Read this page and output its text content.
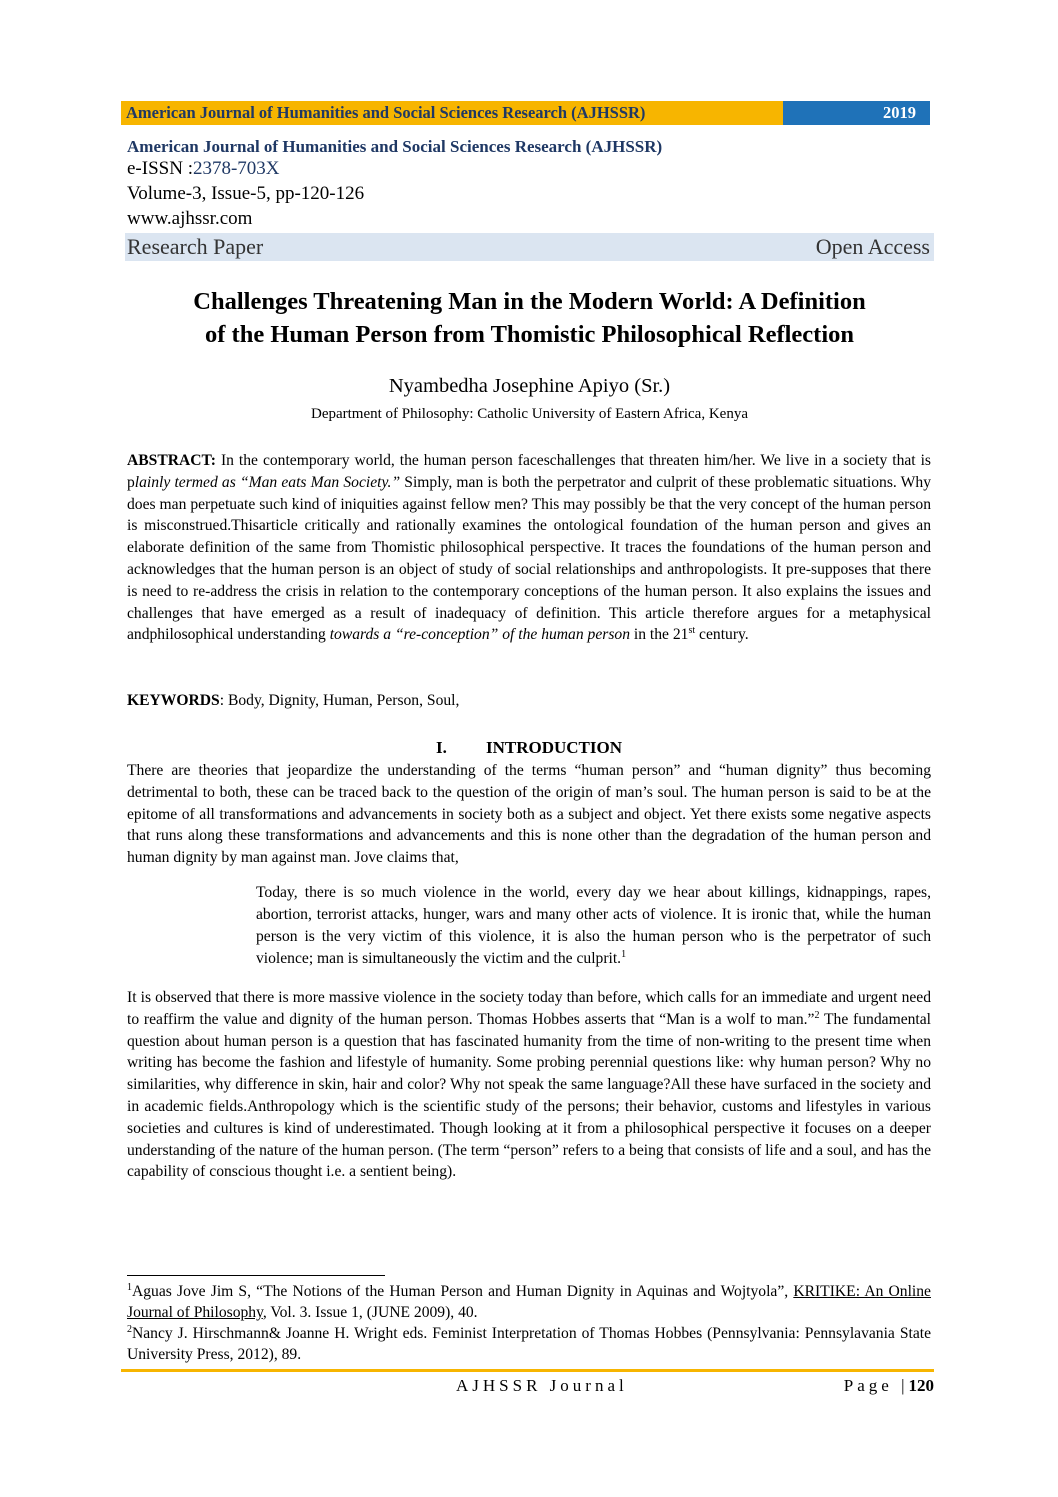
American Journal of Humanities and Social Sciences Research (AJHSSR)	2019
American Journal of Humanities and Social Sciences Research (AJHSSR)
e-ISSN :2378-703X
Volume-3, Issue-5, pp-120-126
www.ajhssr.com
Research Paper	Open Access
Challenges Threatening Man in the Modern World: A Definition
of the Human Person from Thomistic Philosophical Reflection
Nyambedha Josephine Apiyo (Sr.)
Department of Philosophy: Catholic University of Eastern Africa, Kenya
ABSTRACT: In the contemporary world, the human person faceschallenges that threaten him/her. We live in a society that is plainly termed as “Man eats Man Society.” Simply, man is both the perpetrator and culprit of these problematic situations. Why does man perpetuate such kind of iniquities against fellow men? This may possibly be that the very concept of the human person is misconstrued.Thisarticle critically and rationally examines the ontological foundation of the human person and gives an elaborate definition of the same from Thomistic philosophical perspective. It traces the foundations of the human person and acknowledges that the human person is an object of study of social relationships and anthropologists. It pre-supposes that there is need to re-address the crisis in relation to the contemporary conceptions of the human person. It also explains the issues and challenges that have emerged as a result of inadequacy of definition. This article therefore argues for a metaphysical andphilosophical understanding towards a “re-conception” of the human person in the 21st century.
KEYWORDS: Body, Dignity, Human, Person, Soul,
I. INTRODUCTION
There are theories that jeopardize the understanding of the terms “human person” and “human dignity” thus becoming detrimental to both, these can be traced back to the question of the origin of man’s soul. The human person is said to be at the epitome of all transformations and advancements in society both as a subject and object. Yet there exists some negative aspects that runs along these transformations and advancements and this is none other than the degradation of the human person and human dignity by man against man. Jove claims that,
Today, there is so much violence in the world, every day we hear about killings, kidnappings, rapes, abortion, terrorist attacks, hunger, wars and many other acts of violence. It is ironic that, while the human person is the very victim of this violence, it is also the human person who is the perpetrator of such violence; man is simultaneously the victim and the culprit.$^1$
It is observed that there is more massive violence in the society today than before, which calls for an immediate and urgent need to reaffirm the value and dignity of the human person. Thomas Hobbes asserts that “Man is a wolf to man.”$^2$ The fundamental question about human person is a question that has fascinated humanity from the time of non-writing to the present time when writing has become the fashion and lifestyle of humanity. Some probing perennial questions like: why human person? Why no similarities, why difference in skin, hair and color? Why not speak the same language?All these have surfaced in the society and in academic fields.Anthropology which is the scientific study of the persons; their behavior, customs and lifestyles in various societies and cultures is kind of underestimated. Though looking at it from a philosophical perspective it focuses on a deeper understanding of the nature of the human person. (The term “person” refers to a being that consists of life and a soul, and has the capability of conscious thought i.e. a sentient being).
$^1$Aguas Jove Jim S, “The Notions of the Human Person and Human Dignity in Aquinas and Wojtyola”, KRITIKE: An Online Journal of Philosophy, Vol. 3. Issue 1, (JUNE 2009), 40.
$^2$Nancy J. Hirschmann& Joanne H. Wright eds. Feminist Interpretation of Thomas Hobbes (Pennsylvania: Pennsylavania State University Press, 2012), 89.
AJHSSR Journal	Page |120
